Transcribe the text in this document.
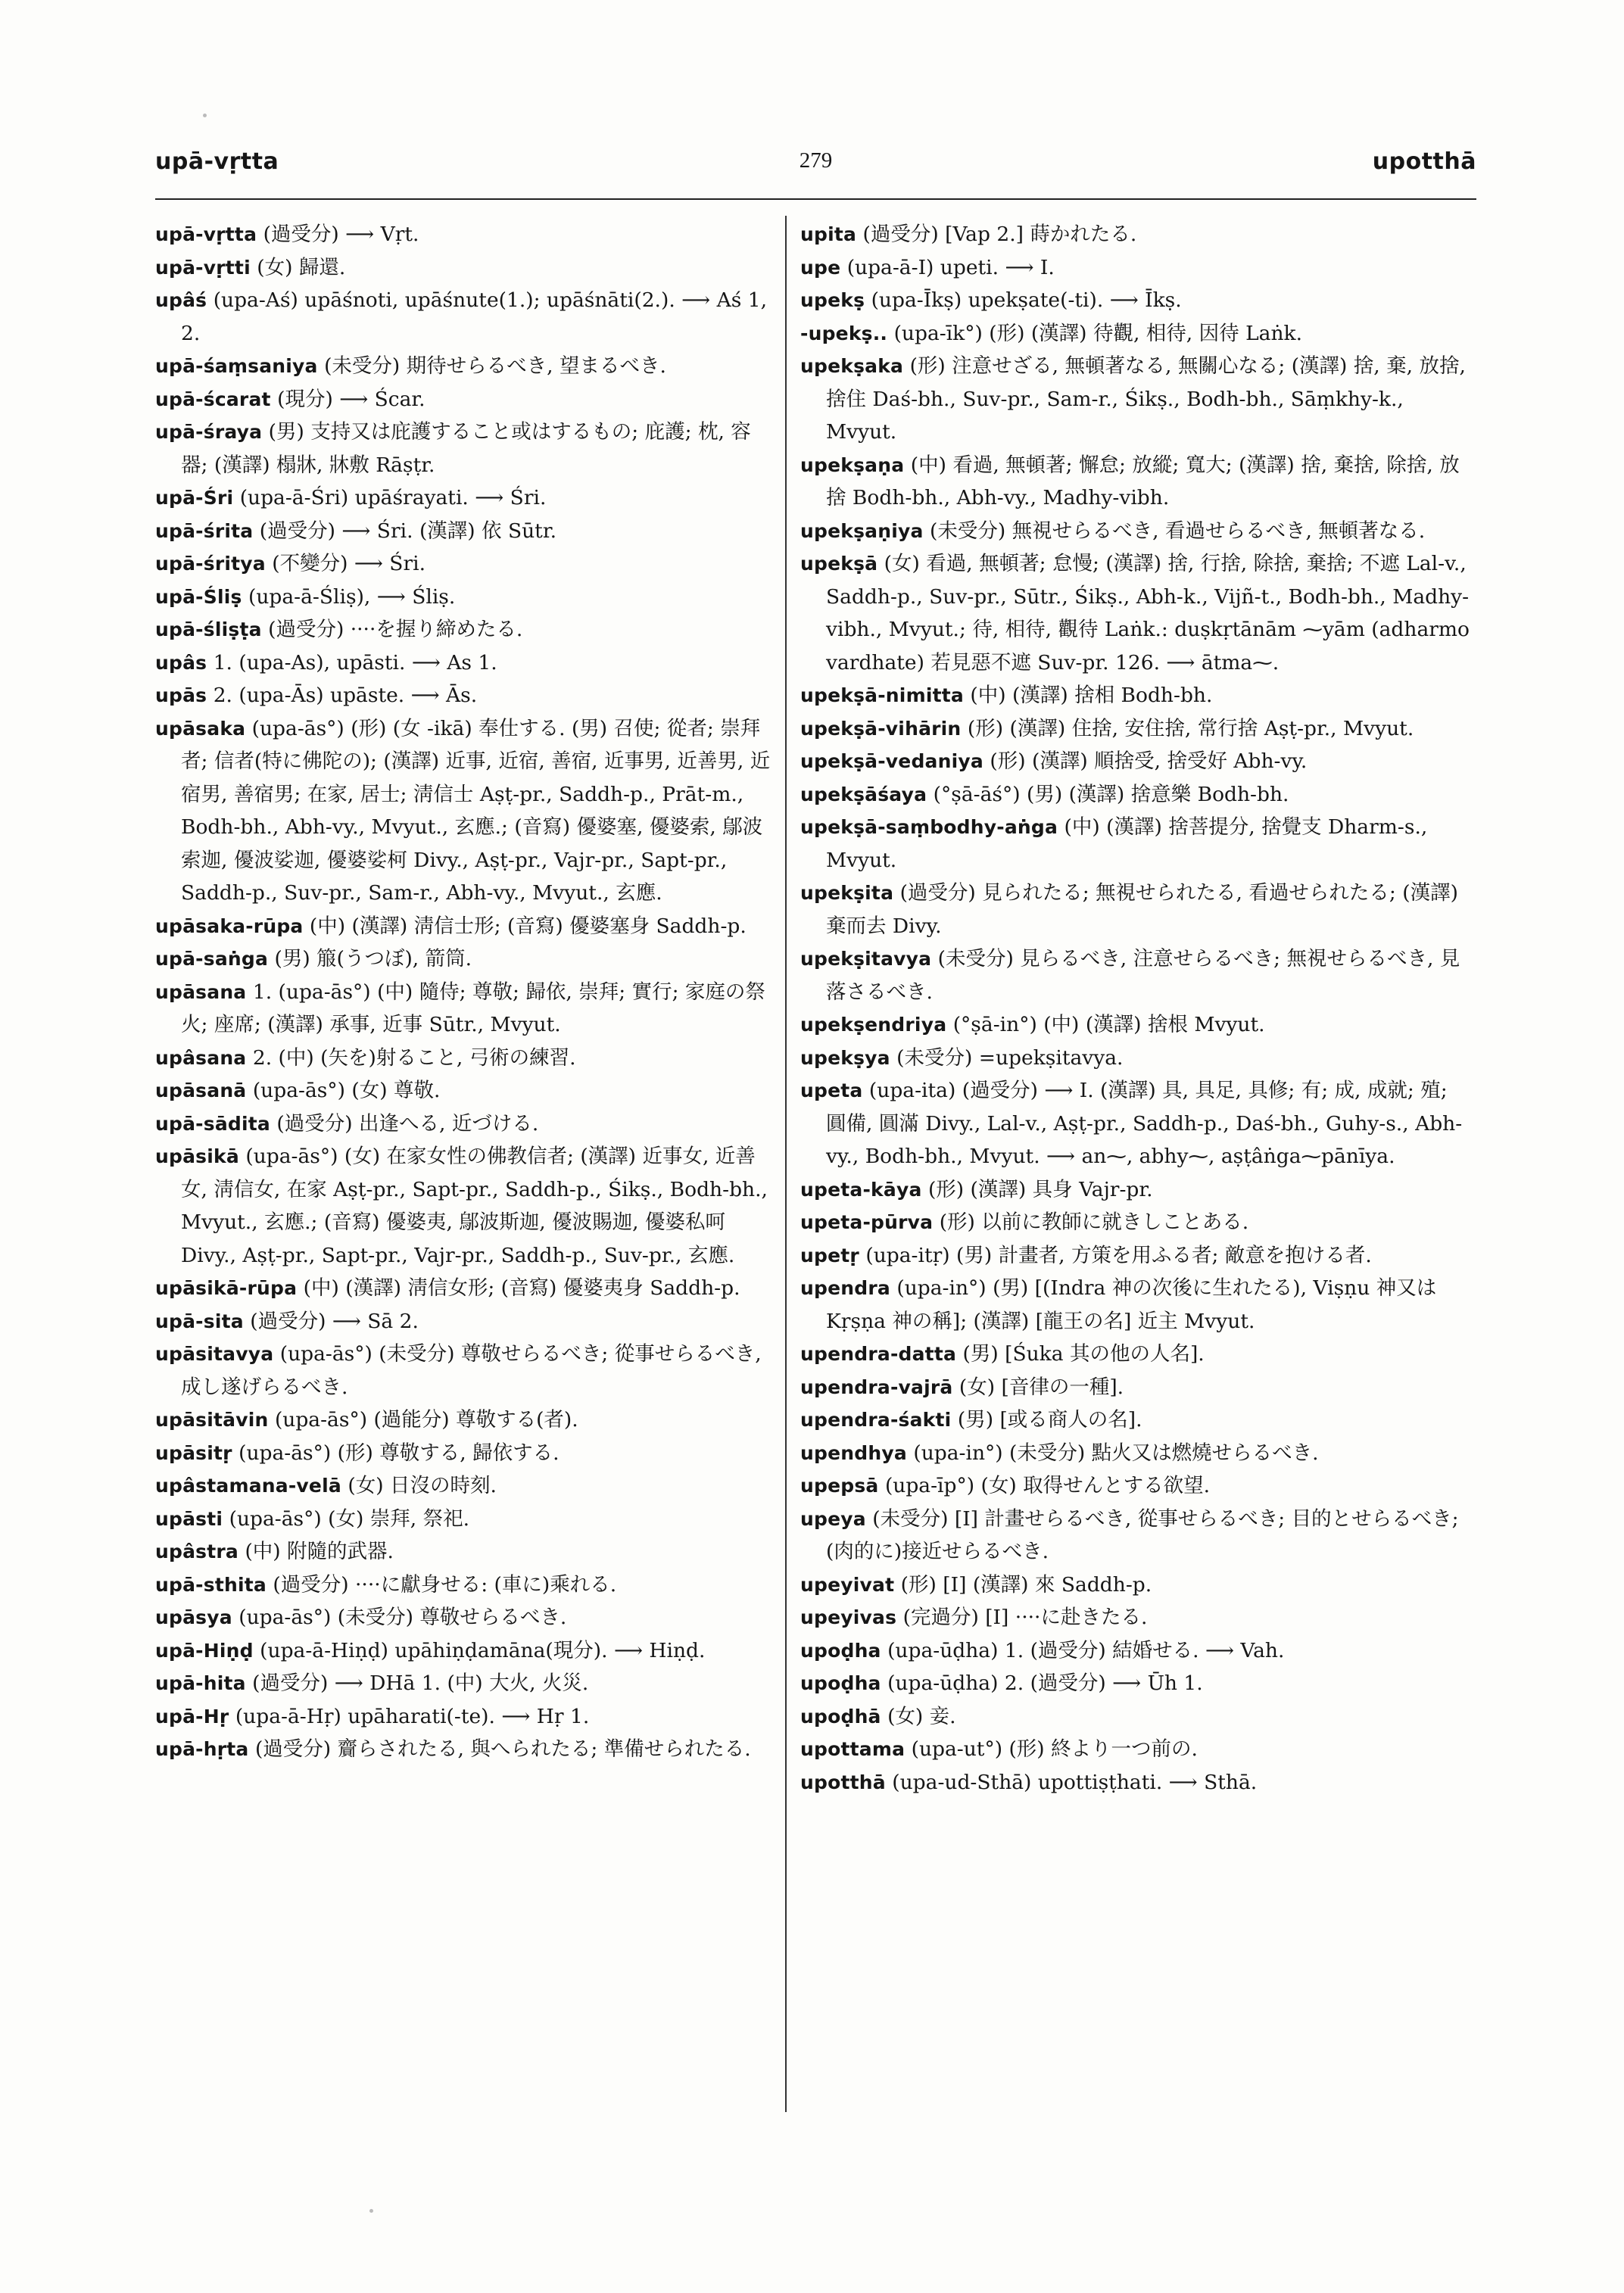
upā-vṛtta	279	upotthā

upā-vṛtta (過受分) ⟶ Vṛt.

upā-vṛtti (女) 歸還.

upâś (upa-Aś) upāśnoti, upāśnute(1.); upāśnāti(2.). ⟶ Aś 1, 2.

upā-śaṃsaniya (未受分) 期待せらるべき, 望まるべき.

upā-ścarat (現分) ⟶ Ścar.

upā-śraya (男) 支持又は庇護すること或はするもの; 庇護; 枕, 容器; (漢譯) 榻牀, 牀敷 Rāṣṭr.

upā-Śri (upa-ā-Śri) upāśrayati. ⟶ Śri.

upā-śrita (過受分) ⟶ Śri. (漢譯) 依 Sūtr.

upā-śritya (不變分) ⟶ Śri.

upā-Śliṣ (upa-ā-Śliṣ), ⟶ Śliṣ.

upā-śliṣṭa (過受分) ····を握り締めたる.

upâs 1. (upa-As), upāsti. ⟶ As 1.

upās 2. (upa-Ās) upāste. ⟶ Ās.

upāsaka (upa-ās°) (形) (女 -ikā) 奉仕する. (男) 召使; 從者; 崇拜者; 信者(特に佛陀の); (漢譯) 近事, 近宿, 善宿, 近事男, 近善男, 近宿男, 善宿男; 在家, 居士; 淸信士 Aṣṭ-pr., Saddh-p., Prāt-m., Bodh-bh., Abh-vy., Mvyut., 玄應.; (音寫) 優婆塞, 優婆索, 鄔波索迦, 優波娑迦, 優婆娑柯 Divy., Aṣṭ-pr., Vajr-pr., Sapt-pr., Saddh-p., Suv-pr., Sam-r., Abh-vy., Mvyut., 玄應.

upāsaka-rūpa (中) (漢譯) 淸信士形; (音寫) 優婆塞身 Saddh-p.

upā-saṅga (男) 箙(うつぼ), 箭筒.

upāsana 1. (upa-ās°) (中) 隨侍; 尊敬; 歸依, 崇拜; 實行; 家庭の祭火; 座席; (漢譯) 承事, 近事 Sūtr., Mvyut.

upâsana 2. (中) (矢を)射ること, 弓術の練習.

upāsanā (upa-ās°) (女) 尊敬.

upā-sādita (過受分) 出逢へる, 近づける.

upāsikā (upa-ās°) (女) 在家女性の佛教信者; (漢譯) 近事女, 近善女, 淸信女, 在家 Aṣṭ-pr., Sapt-pr., Saddh-p., Śikṣ., Bodh-bh., Mvyut., 玄應.; (音寫) 優婆夷, 鄔波斯迦, 優波賜迦, 優婆私呵 Divy., Aṣṭ-pr., Sapt-pr., Vajr-pr., Saddh-p., Suv-pr., 玄應.

upāsikā-rūpa (中) (漢譯) 淸信女形; (音寫) 優婆夷身 Saddh-p.

upā-sita (過受分) ⟶ Sā 2.

upāsitavya (upa-ās°) (未受分) 尊敬せらるべき; 從事せらるべき, 成し遂げらるべき.

upāsitāvin (upa-ās°) (過能分) 尊敬する(者).

upāsitṛ (upa-ās°) (形) 尊敬する, 歸依する.

upâstamana-velā (女) 日沒の時刻.

upāsti (upa-ās°) (女) 崇拜, 祭祀.

upâstra (中) 附隨的武器.

upā-sthita (過受分) ····に獻身せる: (車に)乘れる.

upāsya (upa-ās°) (未受分) 尊敬せらるべき.

upā-Hiṇḍ (upa-ā-Hiṇḍ) upāhiṇḍamāna(現分). ⟶ Hiṇḍ.

upā-hita (過受分) ⟶ DHā 1. (中) 大火, 火災.

upā-Hṛ (upa-ā-Hṛ) upāharati(-te). ⟶ Hṛ 1.

upā-hṛta (過受分) 齎らされたる, 與へられたる; 準備せられたる.

upita (過受分) [Vap 2.] 蒔かれたる.

upe (upa-ā-I) upeti. ⟶ I.

upekṣ (upa-Īkṣ) upekṣate(-ti). ⟶ Īkṣ.

-upekṣ.. (upa-īk°) (形) (漢譯) 待觀, 相待, 因待 Laṅk.

upekṣaka (形) 注意せざる, 無頓著なる, 無關心なる; (漢譯) 捨, 棄, 放捨, 捨住 Daś-bh., Suv-pr., Sam-r., Śikṣ., Bodh-bh., Sāṃkhy-k., Mvyut.

upekṣaṇa (中) 看過, 無頓著; 懈怠; 放縱; 寬大; (漢譯) 捨, 棄捨, 除捨, 放捨 Bodh-bh., Abh-vy., Madhy-vibh.

upekṣaṇiya (未受分) 無視せらるべき, 看過せらるべき, 無頓著なる.

upekṣā (女) 看過, 無頓著; 怠慢; (漢譯) 捨, 行捨, 除捨, 棄捨; 不遮 Lal-v., Saddh-p., Suv-pr., Sūtr., Śikṣ., Abh-k., Vijñ-t., Bodh-bh., Madhy-vibh., Mvyut.; 待, 相待, 觀待 Laṅk.: duṣkṛtānām ⁓yām (adharmo vardhate) 若見惡不遮 Suv-pr. 126. ⟶ ātma⁓.

upekṣā-nimitta (中) (漢譯) 捨相 Bodh-bh.

upekṣā-vihārin (形) (漢譯) 住捨, 安住捨, 常行捨 Aṣṭ-pr., Mvyut.

upekṣā-vedaniya (形) (漢譯) 順捨受, 捨受好 Abh-vy.

upekṣāśaya (°ṣā-āś°) (男) (漢譯) 捨意樂 Bodh-bh.

upekṣā-saṃbodhy-aṅga (中) (漢譯) 捨菩提分, 捨覺支 Dharm-s., Mvyut.

upekṣita (過受分) 見られたる; 無視せられたる, 看過せられたる; (漢譯) 棄而去 Divy.

upekṣitavya (未受分) 見らるべき, 注意せらるべき; 無視せらるべき, 見落さるべき.

upekṣendriya (°ṣā-in°) (中) (漢譯) 捨根 Mvyut.

upekṣya (未受分) =upekṣitavya.

upeta (upa-ita) (過受分) ⟶ I. (漢譯) 具, 具足, 具修; 有; 成, 成就; 殖; 圓備, 圓滿 Divy., Lal-v., Aṣṭ-pr., Saddh-p., Daś-bh., Guhy-s., Abh-vy., Bodh-bh., Mvyut. ⟶ an⁓, abhy⁓, aṣṭâṅga⁓pānīya.

upeta-kāya (形) (漢譯) 具身 Vajr-pr.

upeta-pūrva (形) 以前に教師に就きしことある.

upetṛ (upa-itṛ) (男) 計畫者, 方策を用ふる者; 敵意を抱ける者.

upendra (upa-in°) (男) [(Indra 神の次後に生れたる), Viṣṇu 神又は Kṛṣṇa 神の稱]; (漢譯) [龍王の名] 近主 Mvyut.

upendra-datta (男) [Śuka 其の他の人名].

upendra-vajrā (女) [音律の一種].

upendra-śakti (男) [或る商人の名].

upendhya (upa-in°) (未受分) 點火又は燃燒せらるべき.

upepsā (upa-īp°) (女) 取得せんとする欲望.

upeya (未受分) [I] 計畫せらるべき, 從事せらるべき; 目的とせらるべき; (肉的に)接近せらるべき.

upeyivat (形) [I] (漢譯) 來 Saddh-p.

upeyivas (完過分) [I] ····に赴きたる.

upoḍha (upa-ūḍha) 1. (過受分) 結婚せる. ⟶ Vah.

upoḍha (upa-ūḍha) 2. (過受分) ⟶ Ūh 1.

upoḍhā (女) 妾.

upottama (upa-ut°) (形) 終より一つ前の.

upotthā (upa-ud-Sthā) upottiṣṭhati. ⟶ Sthā.
